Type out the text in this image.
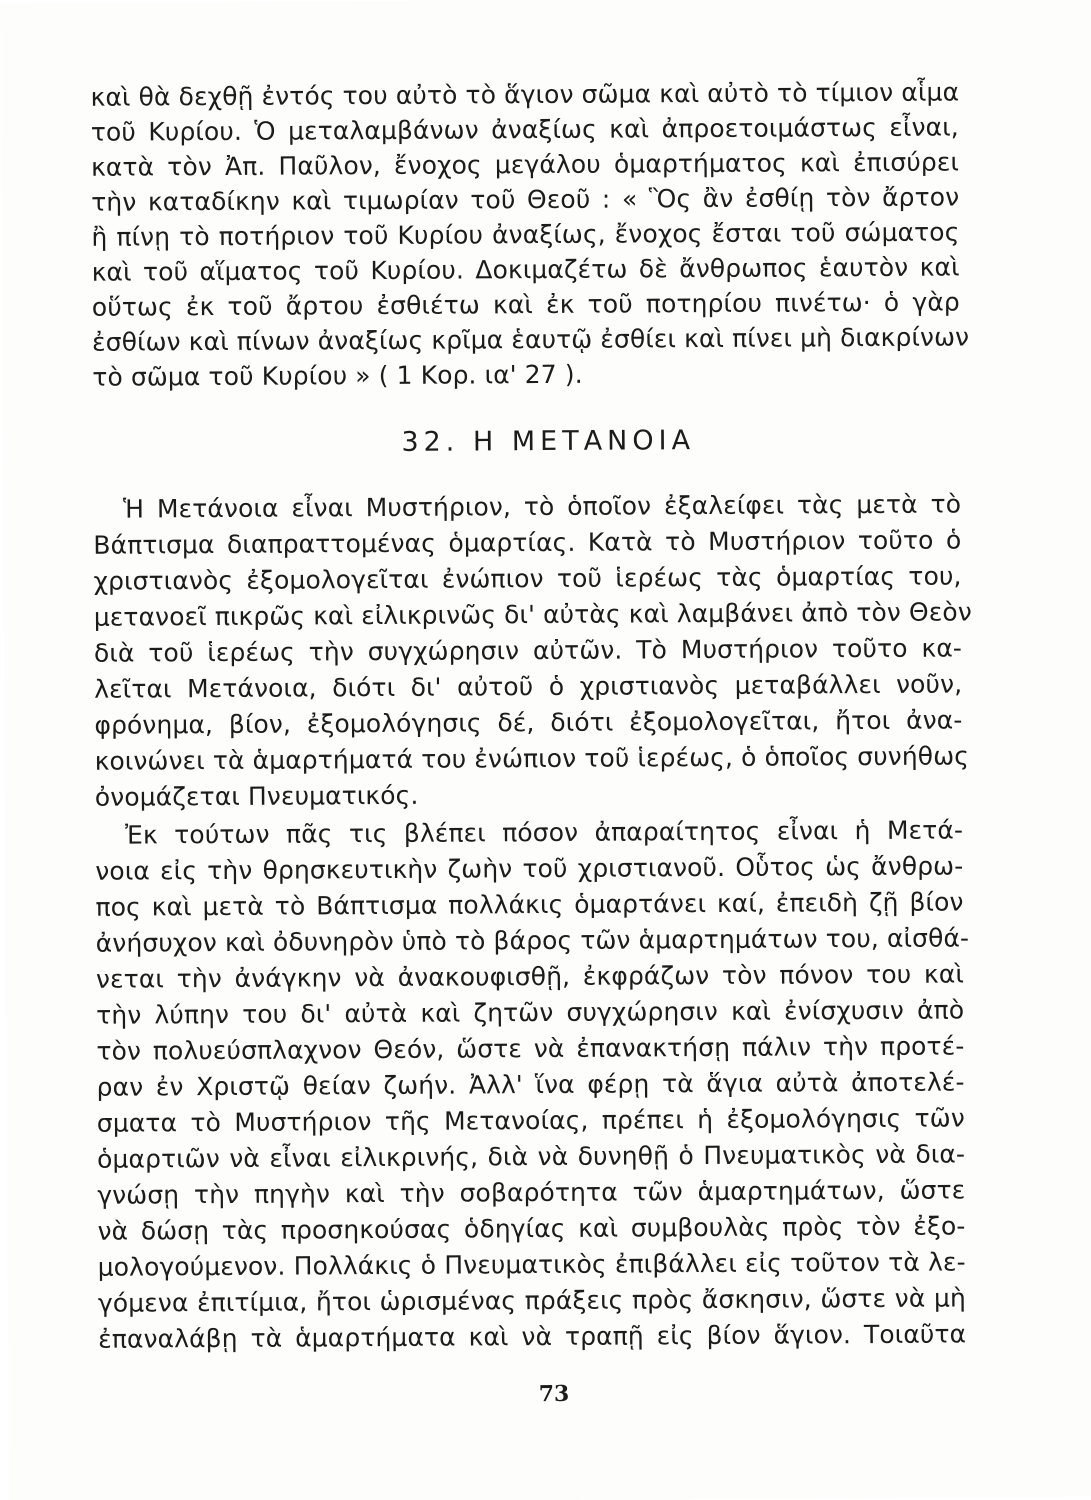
καὶ θὰ δεχθῇ ἐντός του αὐτὸ τὸ ἅγιον σῶμα καὶ αὐτὸ τὸ τίμιον αἷμα
τοῦ Κυρίου. Ὁ μεταλαμβάνων ἀναξίως καὶ ἀπροετοιμάστως εἶναι,
κατὰ τὸν Ἀπ. Παῦλον, ἔνοχος μεγάλου ὁμαρτήματος καὶ ἐπισύρει
τὴν καταδίκην καὶ τιμωρίαν τοῦ Θεοῦ : « Ὃς ἂν ἐσθίῃ τὸν ἄρτον
ἢ πίνῃ τὸ ποτήριον τοῦ Κυρίου ἀναξίως, ἔνοχος ἔσται τοῦ σώματος
καὶ τοῦ αἵματος τοῦ Κυρίου. Δοκιμαζέτω δὲ ἄνθρωπος ἑαυτὸν καὶ
οὕτως ἐκ τοῦ ἄρτου ἐσθιέτω καὶ ἐκ τοῦ ποτηρίου πινέτω· ὁ γὰρ
ἐσθίων καὶ πίνων ἀναξίως κρῖμα ἑαυτῷ ἐσθίει καὶ πίνει μὴ διακρίνων
τὸ σῶμα τοῦ Κυρίου » ( 1 Κορ. ια' 27 ).
32. Η ΜΕΤΑΝΟΙΑ
Ἡ Μετάνοια εἶναι Μυστήριον, τὸ ὁποῖον ἐξαλείφει τὰς μετὰ τὸ
Βάπτισμα διαπραττομένας ὁμαρτίας. Κατὰ τὸ Μυστήριον τοῦτο ὁ
χριστιανὸς ἐξομολογεῖται ἐνώπιον τοῦ ἱερέως τὰς ὁμαρτίας του,
μετανοεῖ πικρῶς καὶ εἰλικρινῶς δι' αὐτὰς καὶ λαμβάνει ἀπὸ τὸν Θεὸν
διὰ τοῦ ἱερέως τὴν συγχώρησιν αὐτῶν. Τὸ Μυστήριον τοῦτο κα-
λεῖται Μετάνοια, διότι δι' αὐτοῦ ὁ χριστιανὸς μεταβάλλει νοῦν,
φρόνημα, βίον, ἐξομολόγησις δέ, διότι ἐξομολογεῖται, ἤτοι ἀνα-
κοινώνει τὰ ἁμαρτήματά του ἐνώπιον τοῦ ἱερέως, ὁ ὁποῖος συνήθως
ὀνομάζεται Πνευματικός.
Ἐκ τούτων πᾶς τις βλέπει πόσον ἀπαραίτητος εἶναι ἡ Μετά-
νοια εἰς τὴν θρησκευτικὴν ζωὴν τοῦ χριστιανοῦ. Οὗτος ὡς ἄνθρω-
πος καὶ μετὰ τὸ Βάπτισμα πολλάκις ὁμαρτάνει καί, ἐπειδὴ ζῇ βίον
ἀνήσυχον καὶ ὀδυνηρὸν ὑπὸ τὸ βάρος τῶν ἁμαρτημάτων του, αἰσθά-
νεται τὴν ἀνάγκην νὰ ἀνακουφισθῇ, ἐκφράζων τὸν πόνον του καὶ
τὴν λύπην του δι' αὐτὰ καὶ ζητῶν συγχώρησιν καὶ ἐνίσχυσιν ἀπὸ
τὸν πολυεύσπλαχνον Θεόν, ὥστε νὰ ἐπανακτήσῃ πάλιν τὴν προτέ-
ραν ἐν Χριστῷ θείαν ζωήν. Ἀλλ' ἵνα φέρῃ τὰ ἅγια αὐτὰ ἀποτελέ-
σματα τὸ Μυστήριον τῆς Μετανοίας, πρέπει ἡ ἐξομολόγησις τῶν
ὁμαρτιῶν νὰ εἶναι εἰλικρινής, διὰ νὰ δυνηθῇ ὁ Πνευματικὸς νὰ δια-
γνώσῃ τὴν πηγὴν καὶ τὴν σοβαρότητα τῶν ἁμαρτημάτων, ὥστε
νὰ δώσῃ τὰς προσηκούσας ὁδηγίας καὶ συμβουλὰς πρὸς τὸν ἐξο-
μολογούμενον. Πολλάκις ὁ Πνευματικὸς ἐπιβάλλει εἰς τοῦτον τὰ λε-
γόμενα ἐπιτίμια, ἤτοι ὡρισμένας πράξεις πρὸς ἄσκησιν, ὥστε νὰ μὴ
ἐπαναλάβῃ τὰ ἁμαρτήματα καὶ νὰ τραπῇ εἰς βίον ἅγιον. Τοιαῦτα
73
